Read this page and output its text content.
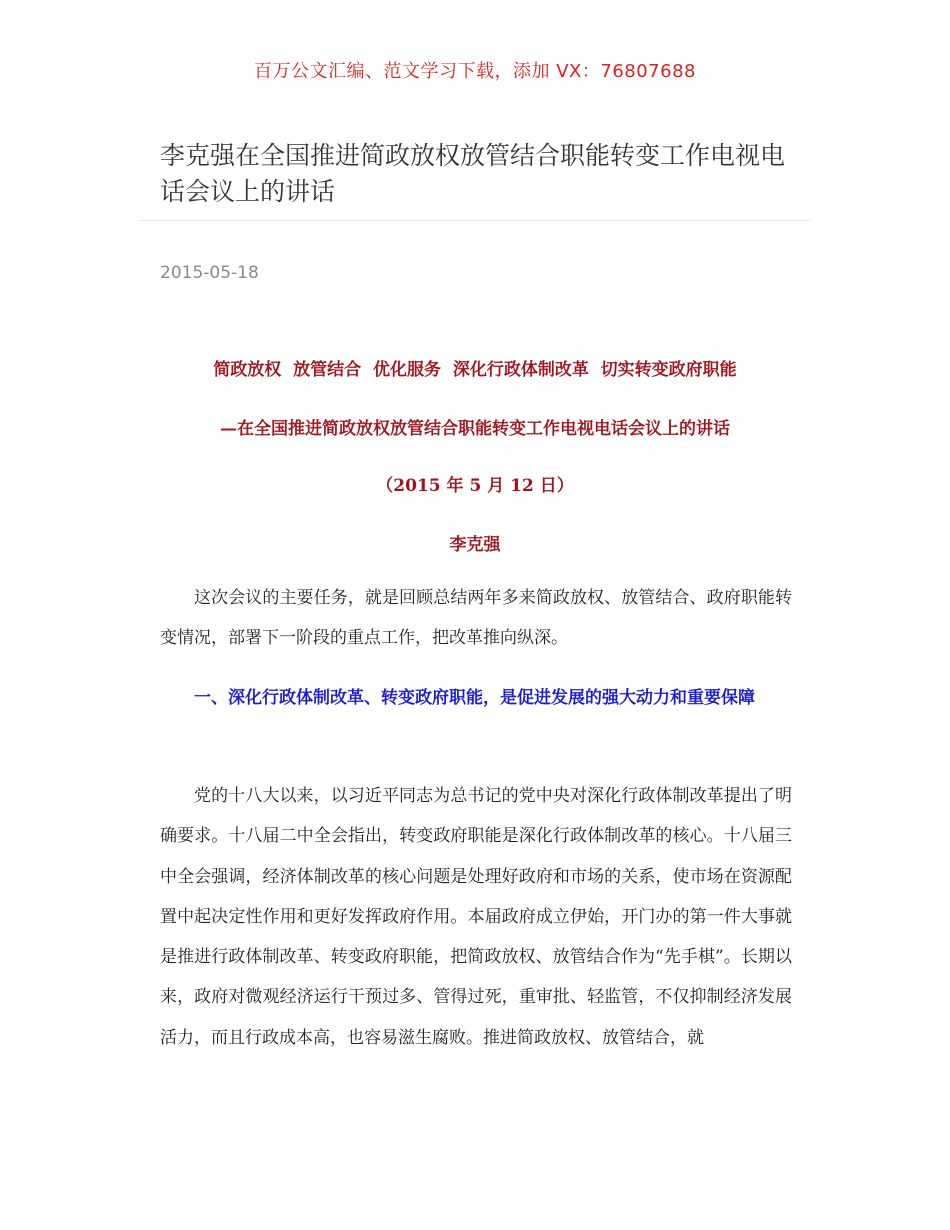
百万公文汇编、范文学习下载，添加 VX：76807688
李克强在全国推进简政放权放管结合职能转变工作电视电话会议上的讲话
2015-05-18
简政放权  放管结合  优化服务  深化行政体制改革  切实转变政府职能
—在全国推进简政放权放管结合职能转变工作电视电话会议上的讲话
（2015 年 5 月 12 日）
李克强

这次会议的主要任务，就是回顾总结两年多来简政放权、放管结合、政府职能转变情况，部署下一阶段的重点工作，把改革推向纵深。

一、深化行政体制改革、转变政府职能，是促进发展的强大动力和重要保障

党的十八大以来，以习近平同志为总书记的党中央对深化行政体制改革提出了明确要求。十八届二中全会指出，转变政府职能是深化行政体制改革的核心。十八届三中全会强调，经济体制改革的核心问题是处理好政府和市场的关系，使市场在资源配置中起决定性作用和更好发挥政府作用。本届政府成立伊始，开门办的第一件大事就是推进行政体制改革、转变政府职能，把简政放权、放管结合作为“先手棋”。长期以来，政府对微观经济运行干预过多、管得过死，重审批、轻监管，不仅抑制经济发展活力，而且行政成本高，也容易滋生腐败。推进简政放权、放管结合，就
